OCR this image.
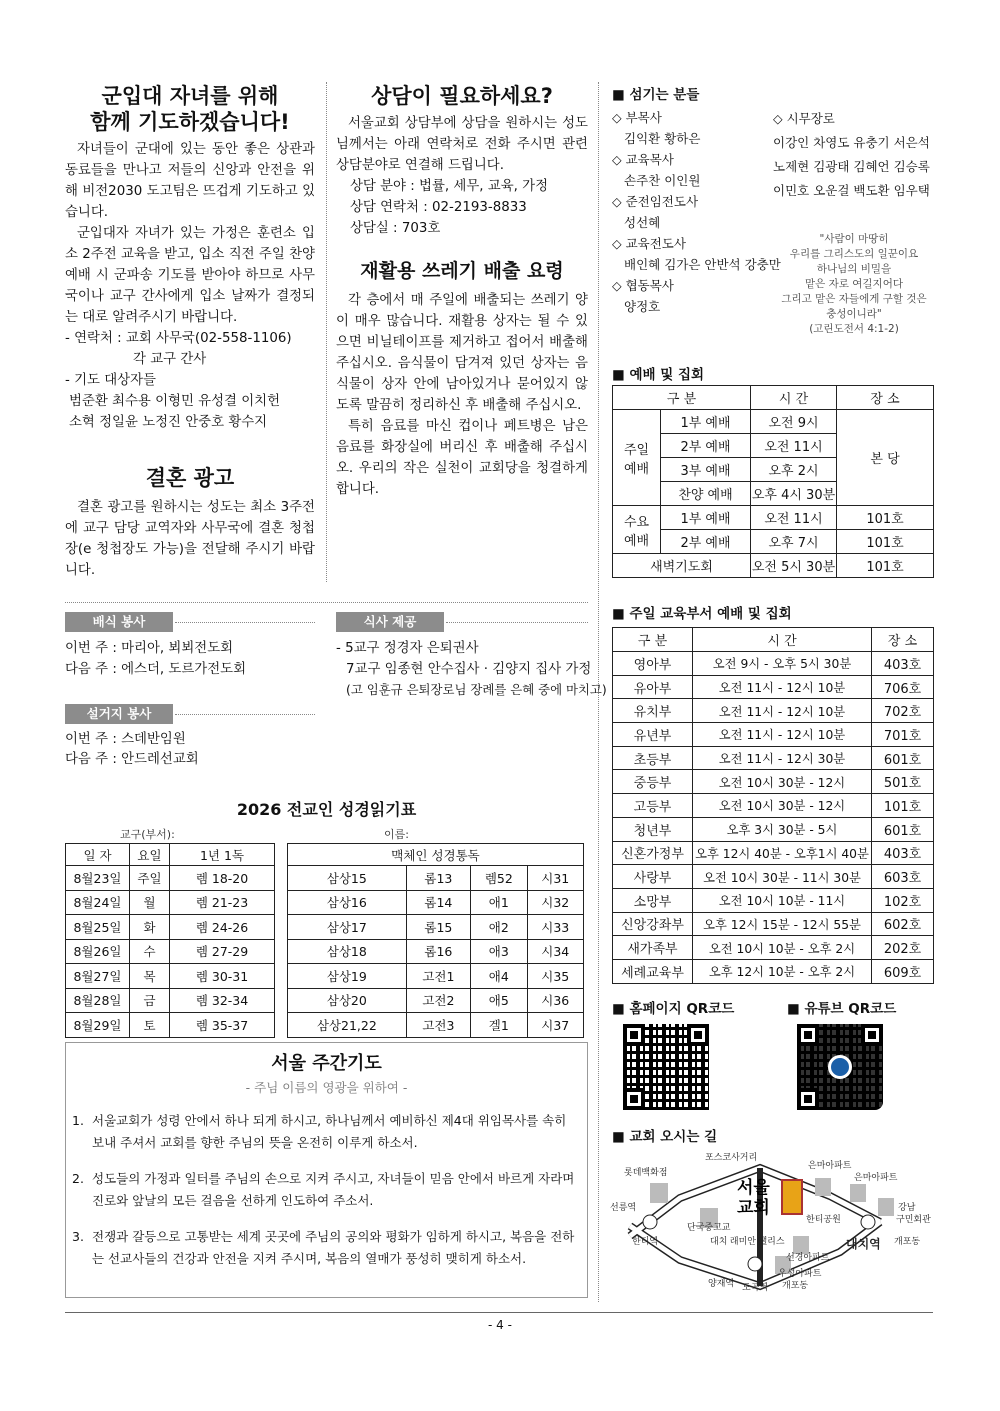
군입대 자녀를 위해
함께 기도하겠습니다!

자녀들이 군대에 있는 동안 좋은 상관과 동료들을 만나고 저들의 신앙과 안전을 위해 비전2030 도고팀은 뜨겁게 기도하고 있습니다.

군입대자 자녀가 있는 가정은 훈련소 입소 2주전 교육을 받고, 입소 직전 주일 찬양예배 시 군파송 기도를 받아야 하므로 사무국이나 교구 간사에게 입소 날짜가 결정되는 대로 알려주시기 바랍니다.

- 연락처 : 교회 사무국(02-558-1106)
각 교구 간사
- 기도 대상자들
범준환 최수용 이형민 유성결 이치헌
소혁 정일윤 노정진 안중호 황수지
결혼 광고

결혼 광고를 원하시는 성도는 최소 3주전에 교구 담당 교역자와 사무국에 결혼 청첩장(e 청첩장도 가능)을 전달해 주시기 바랍니다.

상담이 필요하세요?

서울교회 상담부에 상담을 원하시는 성도님께서는 아래 연락처로 전화 주시면 관련 상담분야로 연결해 드립니다.

상담 분야 : 법률, 세무, 교육, 가정
상담 연락처 : 02-2193-8833
상담실 : 703호
재활용 쓰레기 배출 요령

각 층에서 매 주일에 배출되는 쓰레기 양이 매우 많습니다. 재활용 상자는 될 수 있으면 비닐테이프를 제거하고 접어서 배출해 주십시오. 음식물이 담겨져 있던 상자는 음식물이 상자 안에 남아있거나 묻어있지 않도록 말끔히 정리하신 후 배출해 주십시오.

특히 음료를 마신 컵이나 페트병은 남은 음료를 화장실에 버리신 후 배출해 주십시오. 우리의 작은 실천이 교회당을 청결하게 합니다.

■ 섬기는 분들
◇ 부목사
김익환 황하은
◇ 교육목사
손주찬 이인원
◇ 준전임전도사
성선혜
◇ 교육전도사
배인혜 김가은 안반석 강충만
◇ 협동목사
양정호
◇ 시무장로
이강인 차영도 유충기 서은석
노제현 김광태 김혜언 김승록
이민호 오운걸 백도환 임우택
"사람이 마땅히
우리를 그리스도의 일꾼이요
하나님의 비밀을
맡은 자로 여길지어다
그리고 맡은 자들에게 구할 것은
충성이니라"
(고린도전서 4:1-2)
■ 예배 및 집회
구 분		시 간	장 소
주일
예배	1부 예배	오전 9시	본 당
	2부 예배	오전 11시	
	3부 예배	오후 2시	
	찬양 예배	오후 4시 30분	
수요
예배	1부 예배	오전 11시	101호
	2부 예배	오후 7시	101호
새벽기도회		오전 5시 30분	101호
■ 주일 교육부서 예배 및 집회
구 분	시 간	장 소
영아부	오전 9시 - 오후 5시 30분	403호
유아부	오전 11시 - 12시 10분	706호
유치부	오전 11시 - 12시 10분	702호
유년부	오전 11시 - 12시 10분	701호
초등부	오전 11시 - 12시 30분	601호
중등부	오전 10시 30분 - 12시	501호
고등부	오전 10시 30분 - 12시	101호
청년부	오후 3시 30분 - 5시	601호
신혼가정부	오후 12시 40분 - 오후1시 40분	403호
사랑부	오전 10시 30분 - 11시 30분	603호
소망부	오전 10시 10분 - 11시	102호
신앙강좌부	오후 12시 15분 - 12시 55분	602호
새가족부	오전 10시 10분 - 오후 2시	202호
세례교육부	오후 12시 10분 - 오후 2시	609호
■ 홈페이지 QR코드	■ 유튜브 QR코드
■ 교회 오시는 길
서울
교회
포스코사거리
롯데백화점
은마아파트
은마아파트
선릉역
한티역
단국중고교
한티공원
강남
구민회관
대치역 개포동
대치 래미안 팰리스
선경아파트
우성아파트
개포동
양재역 도곡역
배식 봉사
이번 주 : 마리아, 뵈뵈전도회
다음 주 : 에스더, 도르가전도회
설거지 봉사
이번 주 : 스데반임원
다음 주 : 안드레선교회
식사 제공
- 5교구 정경자 은퇴권사
7교구 임종현 안수집사 · 김양지 집사 가정
(고 임훈규 은퇴장로님 장례를 은혜 중에 마치고)
2026 전교인 성경읽기표
교구(부서):	이름:
일 자	요일	1년 1독
8월23일	주일	렘 18-20
8월24일	월	렘 21-23
8월25일	화	렘 24-26
8월26일	수	렘 27-29
8월27일	목	렘 30-31
8월28일	금	렘 32-34
8월29일	토	렘 35-37
맥체인 성경통독			
삼상15	롬13	렘52	시31
삼상16	롬14	애1	시32
삼상17	롬15	애2	시33
삼상18	롬16	애3	시34
삼상19	고전1	애4	시35
삼상20	고전2	애5	시36
삼상21,22	고전3	겔1	시37
서울 주간기도
- 주님 이름의 영광을 위하여 -
1. 서울교회가 성령 안에서 하나 되게 하시고, 하나님께서 예비하신 제4대 위임목사를 속히 보내 주셔서 교회를 향한 주님의 뜻을 온전히 이루게 하소서.
2. 성도들의 가정과 일터를 주님의 손으로 지켜 주시고, 자녀들이 믿음 안에서 바르게 자라며 진로와 앞날의 모든 걸음을 선하게 인도하여 주소서.
3. 전쟁과 갈등으로 고통받는 세계 곳곳에 주님의 공의와 평화가 임하게 하시고, 복음을 전하는 선교사들의 건강과 안전을 지켜 주시며, 복음의 열매가 풍성히 맺히게 하소서.
- 4 -
